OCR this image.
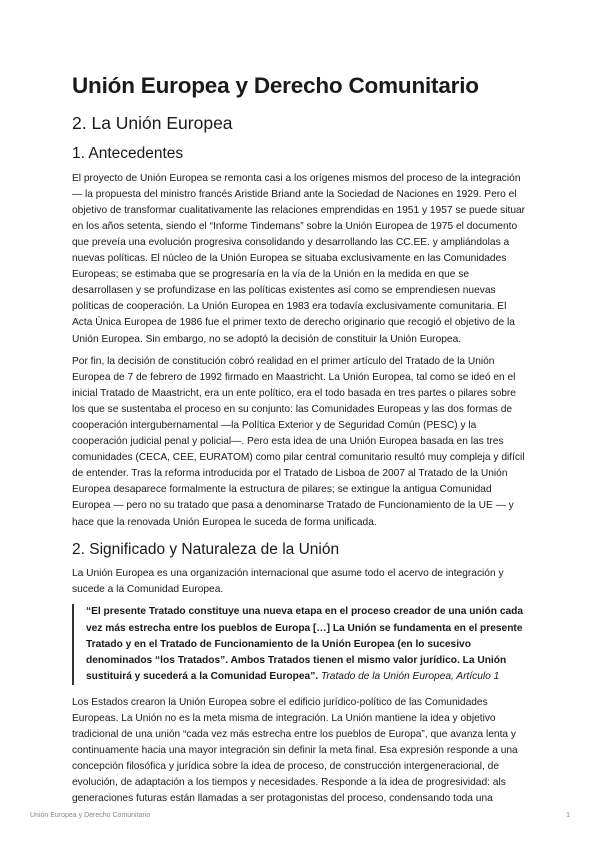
Unión Europea y Derecho Comunitario
2. La Unión Europea
1. Antecedentes

El proyecto de Unión Europea se remonta casi a los orígenes mismos del proceso de la integración — la propuesta del ministro francés Aristide Briand ante la Sociedad de Naciones en 1929. Pero el objetivo de transformar cualitativamente las relaciones emprendidas en 1951 y 1957 se puede situar en los años setenta, siendo el “Informe Tindemans” sobre la Unión Europea de 1975 el documento que preveía una evolución progresiva consolidando y desarrollando las CC.EE. y ampliándolas a nuevas políticas. El núcleo de la Unión Europea se situaba exclusivamente en las Comunidades Europeas; se estimaba que se progresaría en la vía de la Unión en la medida en que se desarrollasen y se profundizase en las políticas existentes así como se emprendiesen nuevas políticas de cooperación. La Unión Europea en 1983 era todavía exclusivamente comunitaria. El Acta Única Europea de 1986 fue el primer texto de derecho originario que recogió el objetivo de la Unión Europea. Sin embargo, no se adoptó la decisión de constituir la Unión Europea.

Por fin, la decisión de constitución cobró realidad en el primer artículo del Tratado de la Unión Europea de 7 de febrero de 1992 firmado en Maastricht. La Unión Europea, tal como se ideó en el inicial Tratado de Maastricht, era un ente político, era el todo basada en tres partes o pilares sobre los que se sustentaba el proceso en su conjunto: las Comunidades Europeas y las dos formas de cooperación intergubernamental —la Política Exterior y de Seguridad Común (PESC) y la cooperación judicial penal y policial—. Pero esta idea de una Unión Europea basada en las tres comunidades (CECA, CEE, EURATOM) como pilar central comunitario resultó muy compleja y difícil de entender. Tras la reforma introducida por el Tratado de Lisboa de 2007 al Tratado de la Unión Europea desaparece formalmente la estructura de pilares; se extingue la antigua Comunidad Europea — pero no su tratado que pasa a denominarse Tratado de Funcionamiento de la UE — y hace que la renovada Unión Europea le suceda de forma unificada.

2. Significado y Naturaleza de la Unión

La Unión Europea es una organización internacional que asume todo el acervo de integración y sucede a la Comunidad Europea.

“El presente Tratado constituye una nueva etapa en el proceso creador de una unión cada vez más estrecha entre los pueblos de Europa […] La Unión se fundamenta en el presente Tratado y en el Tratado de Funcionamiento de la Unión Europea (en lo sucesivo denominados “los Tratados”. Ambos Tratados tienen el mismo valor jurídico. La Unión sustituirá y sucederá a la Comunidad Europea”. Tratado de la Unión Europea, Artículo 1

Los Estados crearon la Unión Europea sobre el edificio jurídico-político de las Comunidades Europeas. La Unión no es la meta misma de integración. La Unión mantiene la idea y objetivo tradicional de una unión “cada vez más estrecha entre los pueblos de Europa”, que avanza lenta y continuamente hacia una mayor integración sin definir la meta final. Esa expresión responde a una concepción filosófica y jurídica sobre la idea de proceso, de construcción intergeneracional, de evolución, de adaptación a los tiempos y necesidades. Responde a la idea de progresividad: als generaciones futuras están llamadas a ser protagonistas del proceso, condensando toda una

Unión Europea y Derecho Comunitario	1
